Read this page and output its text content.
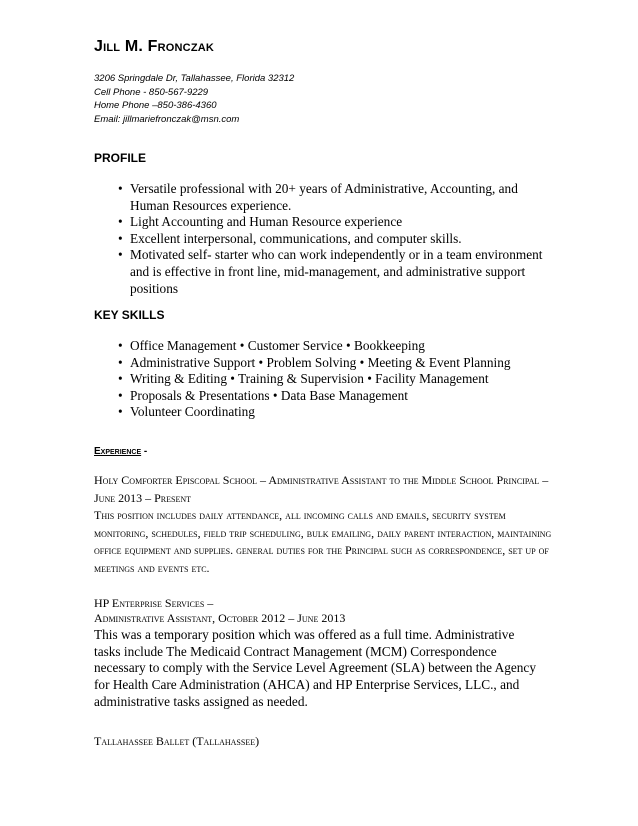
Jill M. Fronczak
3206 Springdale Dr, Tallahassee, Florida 32312
Cell Phone - 850-567-9229
Home Phone –850-386-4360
Email: jillmariefronczak@msn.com
PROFILE
• Versatile professional with 20+ years of Administrative, Accounting, and Human Resources experience.
• Light Accounting and Human Resource experience
• Excellent interpersonal, communications, and computer skills.
• Motivated self- starter who can work independently or in a team environment and is effective in front line, mid-management, and administrative support positions
KEY SKILLS
• Office Management • Customer Service • Bookkeeping
• Administrative Support • Problem Solving • Meeting & Event Planning
• Writing & Editing • Training & Supervision • Facility Management
• Proposals & Presentations • Data Base Management
• Volunteer Coordinating
Experience -
Holy Comforter Episcopal School – Administrative Assistant to the Middle School Principal – June 2013 – Present
This position includes daily attendance, all incoming calls and emails, security system monitoring, schedules, field trip scheduling, bulk emailing, daily parent interaction, maintaining office equipment and supplies. general duties for the Principal such as correspondence, set up of meetings and events etc.
HP Enterprise Services –
Administrative Assistant, October 2012 – June 2013
This was a temporary position which was offered as a full time. Administrative tasks include The Medicaid Contract Management (MCM) Correspondence necessary to comply with the Service Level Agreement (SLA) between the Agency for Health Care Administration (AHCA) and HP Enterprise Services, LLC., and administrative tasks assigned as needed.
Tallahassee Ballet (Tallahassee)
